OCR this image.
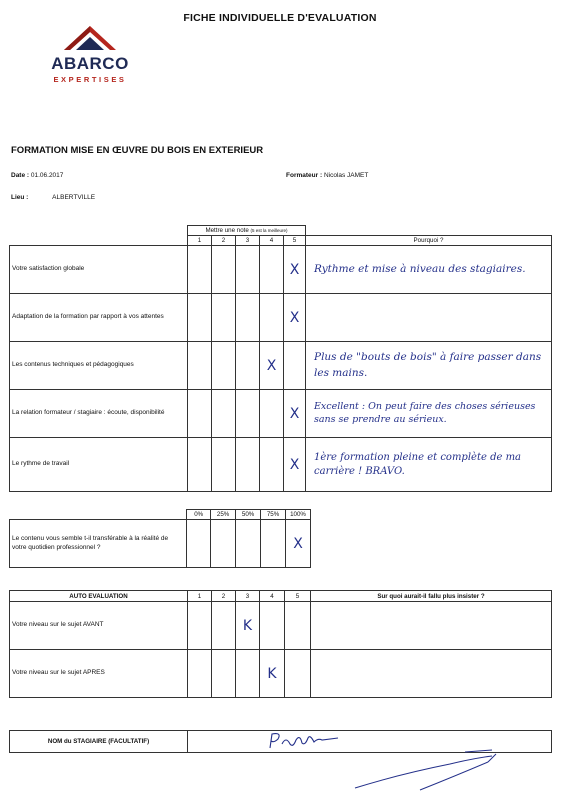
FICHE INDIVIDUELLE D'EVALUATION
ABARCO
EXPERTISES
FORMATION MISE EN ŒUVRE DU BOIS EN EXTERIEUR
Date : 01.06.2017	Formateur : Nicolas JAMET
Lieu :	ALBERTVILLE
	Mettre une note (5 est la meilleure)					
	1	2	3	4	5	Pourquoi ?
Votre satisfaction globale					X	Rythme et mise à niveau des stagiaires.
Adaptation de la formation par rapport à vos attentes					X	
Les contenus techniques et pédagogiques				X		Plus de "bouts de bois" à faire passer dans les mains.
La relation formateur / stagiaire : écoute, disponibilité					X	Excellent : On peut faire des choses sérieuses sans se prendre au sérieux.
Le rythme de travail					X	1ère formation pleine et complète de ma carrière ! BRAVO.
	0%	25%	50%	75%	100%
Le contenu vous semble t-il transférable à la réalité de votre quotidien professionnel ?					X
AUTO EVALUATION	1	2	3	4	5	Sur quoi aurait-il fallu plus insister ?
Votre niveau sur le sujet AVANT			K			
Votre niveau sur le sujet APRES				K		
NOM du STAGIAIRE (FACULTATIF)	
